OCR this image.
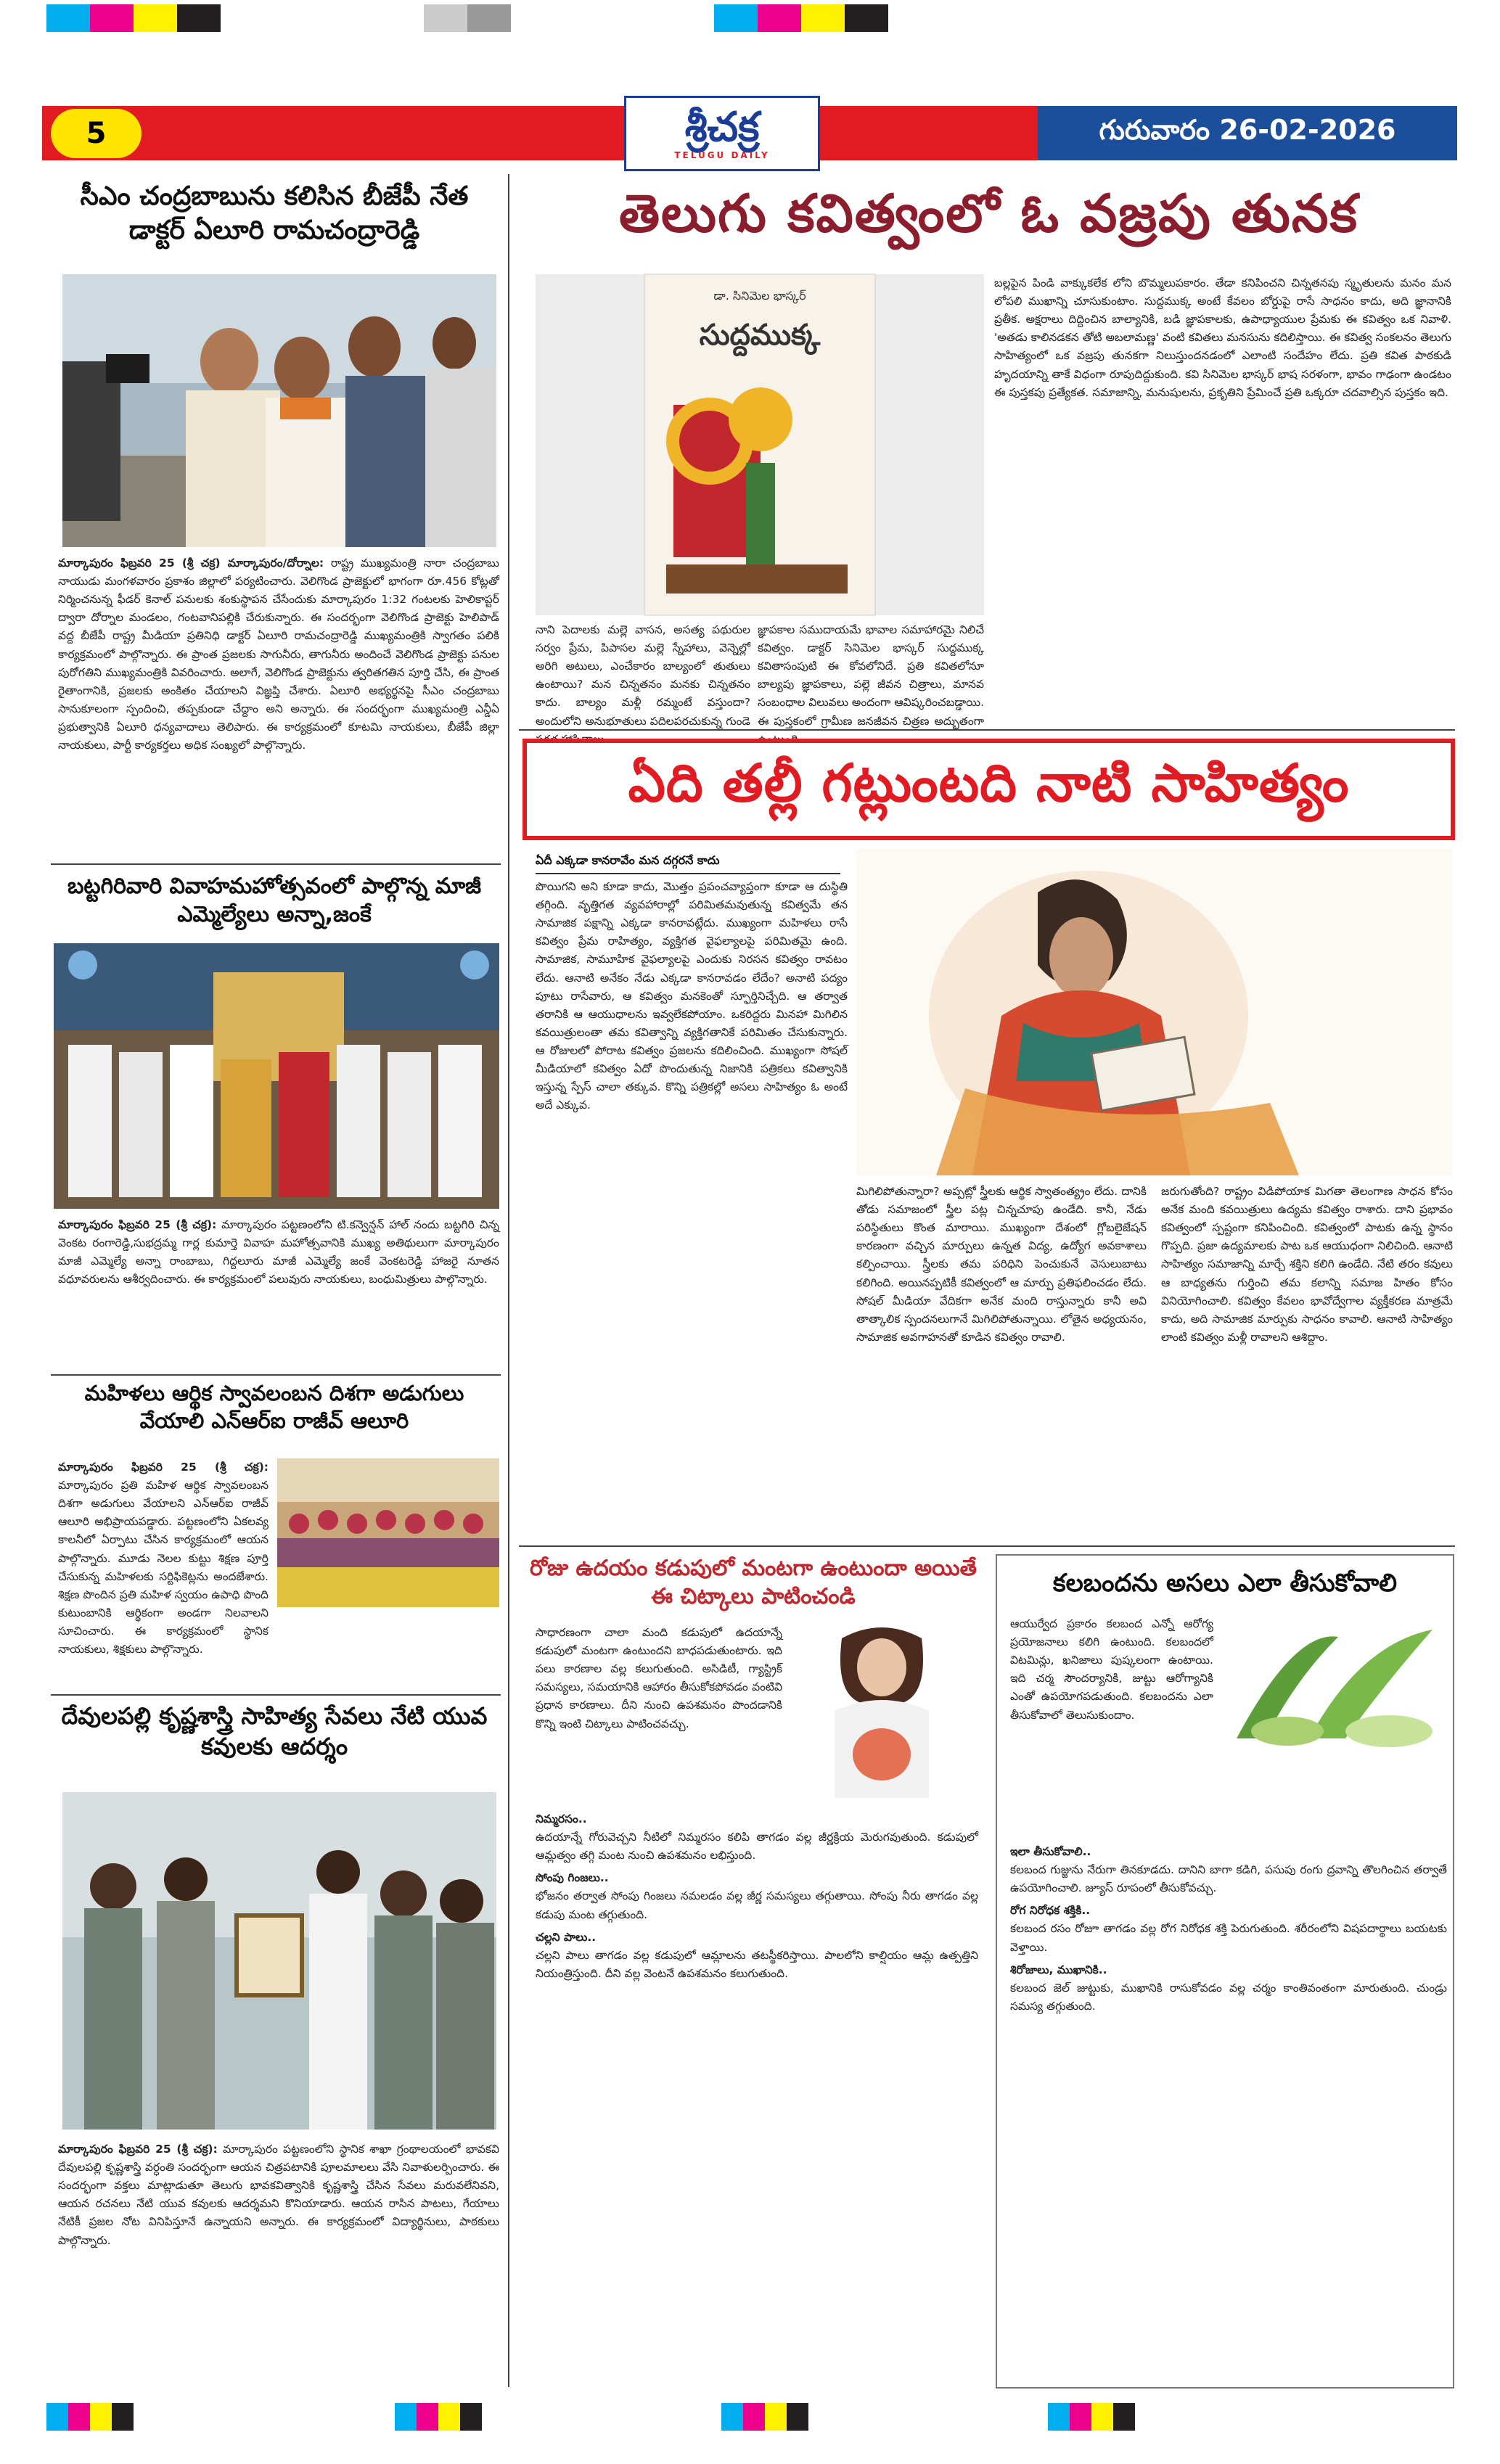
5	శ్రీచక్ర
TELUGU DAILY
గురువారం 26-02-2026
సీఎం చంద్రబాబును కలిసిన బీజేపీ నేత డాక్టర్ ఏలూరి రామచంద్రారెడ్డి

మార్కాపురం ఫిబ్రవరి 25 (శ్రీ చక్ర) మార్కాపురం/దోర్నాల: రాష్ట్ర ముఖ్యమంత్రి నారా చంద్రబాబు నాయుడు మంగళవారం ప్రకాశం జిల్లాలో పర్యటించారు. వెలిగొండ ప్రాజెక్టులో భాగంగా రూ.456 కోట్లతో నిర్మించనున్న ఫీడర్ కెనాల్ పనులకు శంకుస్థాపన చేసేందుకు మార్కాపురం 1:32 గంటలకు హెలికాప్టర్ ద్వారా దోర్నాల మండలం, గంటవానిపల్లికి చేరుకున్నారు. ఈ సందర్భంగా వెలిగొండ ప్రాజెక్టు హెలిపాడ్ వద్ద బీజేపీ రాష్ట్ర మీడియా ప్రతినిధి డాక్టర్ ఏలూరి రామచంద్రారెడ్డి ముఖ్యమంత్రికి స్వాగతం పలికి కార్యక్రమంలో పాల్గొన్నారు. ఈ ప్రాంత ప్రజలకు సాగునీరు, తాగునీరు అందించే వెలిగొండ ప్రాజెక్టు పనుల పురోగతిని ముఖ్యమంత్రికి వివరించారు. అలాగే, వెలిగొండ ప్రాజెక్టును త్వరితగతిన పూర్తి చేసి, ఈ ప్రాంత రైతాంగానికి, ప్రజలకు అంకితం చేయాలని విజ్ఞప్తి చేశారు. ఏలూరి అభ్యర్థనపై సీఎం చంద్రబాబు సానుకూలంగా స్పందించి, తప్పకుండా చేద్దాం అని అన్నారు. ఈ సందర్భంగా ముఖ్యమంత్రి ఎన్డీఏ ప్రభుత్వానికి ఏలూరి ధన్యవాదాలు తెలిపారు. ఈ కార్యక్రమంలో కూటమి నాయకులు, బీజేపీ జిల్లా నాయకులు, పార్టీ కార్యకర్తలు అధిక సంఖ్యలో పాల్గొన్నారు.

బట్టగిరివారి వివాహమహోత్సవంలో పాల్గొన్న మాజీ ఎమ్మెల్యేలు అన్నా,జంకే

మార్కాపురం ఫిబ్రవరి 25 (శ్రీ చక్ర): మార్కాపురం పట్టణంలోని టి.కన్వెన్షన్ హాల్ నందు బట్టగిరి చిన్న వెంకట రంగారెడ్డి,సుభద్రమ్మ గార్ల కుమార్తె వివాహ మహోత్సవానికి ముఖ్య అతిథులుగా మార్కాపురం మాజీ ఎమ్మెల్యే అన్నా రాంబాబు, గిద్దలూరు మాజీ ఎమ్మెల్యే జంకే వెంకటరెడ్డి హాజరై నూతన వధూవరులను ఆశీర్వదించారు. ఈ కార్యక్రమంలో పలువురు నాయకులు, బంధుమిత్రులు పాల్గొన్నారు.

మహిళలు ఆర్థిక స్వావలంబన దిశగా అడుగులు వేయాలి ఎన్ఆర్ఐ రాజీవ్ ఆలూరి

మార్కాపురం ఫిబ్రవరి 25 (శ్రీ చక్ర): మార్కాపురం ప్రతి మహిళ ఆర్థిక స్వావలంబన దిశగా అడుగులు వేయాలని ఎన్ఆర్ఐ రాజీవ్ ఆలూరి అభిప్రాయపడ్డారు. పట్టణంలోని ఏకలవ్య కాలనీలో ఏర్పాటు చేసిన కార్యక్రమంలో ఆయన పాల్గొన్నారు. మూడు నెలల కుట్టు శిక్షణ పూర్తి చేసుకున్న మహిళలకు సర్టిఫికెట్లను అందజేశారు. శిక్షణ పొందిన ప్రతి మహిళ స్వయం ఉపాధి పొంది కుటుంబానికి ఆర్థికంగా అండగా నిలవాలని సూచించారు. ఈ కార్యక్రమంలో స్థానిక నాయకులు, శిక్షకులు పాల్గొన్నారు.

దేవులపల్లి కృష్ణశాస్త్రి సాహిత్య సేవలు నేటి యువ కవులకు ఆదర్శం

మార్కాపురం ఫిబ్రవరి 25 (శ్రీ చక్ర): మార్కాపురం పట్టణంలోని స్థానిక శాఖా గ్రంథాలయంలో భావకవి దేవులపల్లి కృష్ణశాస్త్రి వర్ధంతి సందర్భంగా ఆయన చిత్రపటానికి పూలమాలలు వేసి నివాళులర్పించారు. ఈ సందర్భంగా వక్తలు మాట్లాడుతూ తెలుగు భావకవిత్వానికి కృష్ణశాస్త్రి చేసిన సేవలు మరువలేనివని, ఆయన రచనలు నేటి యువ కవులకు ఆదర్శమని కొనియాడారు. ఆయన రాసిన పాటలు, గేయాలు నేటికీ ప్రజల నోట వినిపిస్తూనే ఉన్నాయని అన్నారు. ఈ కార్యక్రమంలో విద్యార్థినులు, పాఠకులు పాల్గొన్నారు.

తెలుగు కవిత్వంలో ఓ వజ్రపు తునక
డా. సినిమెల భాస్కర్
సుద్దముక్క

నాని పెదాలకు మల్లె వాసన, అసత్య పథురుల సర్వం ప్రేమ, పిపాసల మల్లె స్నేహాలు, వెన్నెల్లో అరిగి అటులు, ఎంచేకారం బాల్యంలో తుతులు ఉంటాయి? మన చిన్నతనం మనకు చిన్నతనం కాదు. బాల్యం మళ్లీ రమ్మంటే వస్తుందా? అందులోని అనుభూతులు పదిలపరచుకున్న గుండె

జ్ఞాపకాల సముదాయమే భావాల సమాహారమై నిలిచే కవిత్వం. డాక్టర్ సినిమెల భాస్కర్ సుద్దముక్క కవితాసంపుటి ఈ కోవలోనిదే. ప్రతి కవితలోనూ బాల్యపు జ్ఞాపకాలు, పల్లె జీవన చిత్రాలు, మానవ సంబంధాల విలువలు అందంగా ఆవిష్కరించబడ్డాయి. ఈ పుస్తకంలో గ్రామీణ జనజీవన చిత్రణ అద్భుతంగా

బల్లపైన పిండి వాక్కుకలేక లోని బొమ్మలుపకారం. తేడా కనిపించని చిన్నతనపు స్మృతులను మనం మన లోపలి ముఖాన్ని చూసుకుంటాం. సుద్దముక్క అంటే కేవలం బోర్డుపై రాసే సాధనం కాదు, అది జ్ఞానానికి ప్రతీక. అక్షరాలు దిద్దించిన బాల్యానికి, బడి జ్ఞాపకాలకు, ఉపాధ్యాయుల ప్రేమకు ఈ కవిత్వం ఒక నివాళి. 'అతడు కాలినడకన తోటి అబలామణ్ణ' వంటి కవితలు మనసును కదిలిస్తాయి. ఈ కవిత్వ సంకలనం తెలుగు సాహిత్యంలో ఒక వజ్రపు తునకగా నిలుస్తుందనడంలో ఎలాంటి సందేహం లేదు. ప్రతి కవిత పాఠకుడి హృదయాన్ని తాకే విధంగా రూపుదిద్దుకుంది. కవి సినిమెల భాస్కర్ భాష సరళంగా, భావం గాఢంగా ఉండటం ఈ పుస్తకపు ప్రత్యేకత. సమాజాన్ని, మనుషులను, ప్రకృతిని ప్రేమించే ప్రతి ఒక్కరూ చదవాల్సిన పుస్తకం ఇది.

ఏది తల్లీ గట్లుంటది నాటి సాహిత్యం
ఏదీ ఎక్కడా కానరావేం మన దగ్గరనే కాదు

పొయిగని అని కూడా కాదు, మొత్తం ప్రపంచవ్యాప్తంగా కూడా ఆ దుస్థితి తగ్గింది. వృత్తిగత వ్యవహారాల్లో పరిమితమవుతున్న కవిత్వమే తన సామాజిక పక్షాన్ని ఎక్కడా కానరావట్లేదు. ముఖ్యంగా మహిళలు రాసే కవిత్వం ప్రేమ రాహిత్యం, వ్యక్తిగత వైఫల్యాలపై పరిమితమై ఉంది. సామాజిక, సామూహిక వైఫల్యాలపై ఎందుకు నిరసన కవిత్వం రావటం లేదు. ఆనాటి అనేకం నేడు ఎక్కడా కానరావడం లేదేం? అనాటి పద్యం పూటు రాసేవారు, ఆ కవిత్వం మనకెంతో స్ఫూర్తినిచ్చేది. ఆ తర్వాత తరానికి ఆ ఆయుధాలను ఇవ్వలేకపోయాం. ఒకరిద్దరు మినహా మిగిలిన కవయిత్రులంతా తమ కవిత్వాన్ని వ్యక్తిగతానికే పరిమితం చేసుకున్నారు. ఆ రోజులలో పోరాట కవిత్వం ప్రజలను కదిలించింది. ముఖ్యంగా సోషల్ మీడియాలో కవిత్వం ఏదో పొందుతున్న నిజానికి పత్రికలు కవిత్వానికి ఇస్తున్న స్పేస్ చాలా తక్కువ. కొన్ని పత్రికల్లో అసలు సాహిత్యం ఓ అంటే అదే ఎక్కువ.

మిగిలిపోతున్నారా? అప్పట్లో స్త్రీలకు ఆర్థిక స్వాతంత్య్రం లేదు. దానికి తోడు సమాజంలో స్త్రీల పట్ల చిన్నచూపు ఉండేది. కానీ, నేడు పరిస్థితులు కొంత మారాయి. ముఖ్యంగా దేశంలో గ్లోబలైజేషన్ కారణంగా వచ్చిన మార్పులు ఉన్నత విద్య, ఉద్యోగ అవకాశాలు కల్పించాయి. స్త్రీలకు తమ పరిధిని పెంచుకునే వెసులుబాటు కలిగింది. అయినప్పటికీ కవిత్వంలో ఆ మార్పు ప్రతిఫలించడం లేదు. సోషల్ మీడియా వేదికగా అనేక మంది రాస్తున్నారు కానీ అవి తాత్కాలిక స్పందనలుగానే మిగిలిపోతున్నాయి. లోతైన అధ్యయనం, సామాజిక అవగాహనతో కూడిన కవిత్వం రావాలి.

జరుగుతోంది? రాష్ట్రం విడిపోయాక మిగతా తెలంగాణ సాధన కోసం అనేక మంది కవయిత్రులు ఉద్యమ కవిత్వం రాశారు. దాని ప్రభావం కవిత్వంలో స్పష్టంగా కనిపించింది. కవిత్వంలో పాటకు ఉన్న స్థానం గొప్పది. ప్రజా ఉద్యమాలకు పాట ఒక ఆయుధంగా నిలిచింది. ఆనాటి సాహిత్యం సమాజాన్ని మార్చే శక్తిని కలిగి ఉండేది. నేటి తరం కవులు ఆ బాధ్యతను గుర్తించి తమ కలాన్ని సమాజ హితం కోసం వినియోగించాలి. కవిత్వం కేవలం భావోద్వేగాల వ్యక్తీకరణ మాత్రమే కాదు, అది సామాజిక మార్పుకు సాధనం కావాలి. ఆనాటి సాహిత్యం లాంటి కవిత్వం మళ్లీ రావాలని ఆశిద్దాం.

రోజు ఉదయం కడుపులో మంటగా ఉంటుందా అయితే ఈ చిట్కాలు పాటించండి

సాధారణంగా చాలా మంది కడుపులో ఉదయాన్నే కడుపులో మంటగా ఉంటుందని బాధపడుతుంటారు. ఇది పలు కారణాల వల్ల కలుగుతుంది. అసిడిటీ, గ్యాస్ట్రిక్ సమస్యలు, సమయానికి ఆహారం తీసుకోకపోవడం వంటివి ప్రధాన కారణాలు. దీని నుంచి ఉపశమనం పొందడానికి కొన్ని ఇంటి చిట్కాలు పాటించవచ్చు.

నిమ్మరసం..
ఉదయాన్నే గోరువెచ్చని నీటిలో నిమ్మరసం కలిపి తాగడం వల్ల జీర్ణక్రియ మెరుగవుతుంది. కడుపులో ఆమ్లత్వం తగ్గి మంట నుంచి ఉపశమనం లభిస్తుంది.

సోంపు గింజలు..
భోజనం తర్వాత సోంపు గింజలు నమలడం వల్ల జీర్ణ సమస్యలు తగ్గుతాయి. సోంపు నీరు తాగడం వల్ల కడుపు మంట తగ్గుతుంది.

చల్లని పాలు..
చల్లని పాలు తాగడం వల్ల కడుపులో ఆమ్లాలను తటస్థీకరిస్తాయి. పాలలోని కాల్షియం ఆమ్ల ఉత్పత్తిని నియంత్రిస్తుంది. దీని వల్ల వెంటనే ఉపశమనం కలుగుతుంది.

కలబందను అసలు ఎలా తీసుకోవాలి

ఆయుర్వేద ప్రకారం కలబంద ఎన్నో ఆరోగ్య ప్రయోజనాలు కలిగి ఉంటుంది. కలబందలో విటమిన్లు, ఖనిజాలు పుష్కలంగా ఉంటాయి. ఇది చర్మ సౌందర్యానికి, జుట్టు ఆరోగ్యానికి ఎంతో ఉపయోగపడుతుంది. కలబందను ఎలా తీసుకోవాలో తెలుసుకుందాం.

ఇలా తీసుకోవాలి..
కలబంద గుజ్జును నేరుగా తినకూడదు. దానిని బాగా కడిగి, పసుపు రంగు ద్రవాన్ని తొలగించిన తర్వాతే ఉపయోగించాలి. జ్యూస్ రూపంలో తీసుకోవచ్చు.

రోగ నిరోధక శక్తికి..
కలబంద రసం రోజూ తాగడం వల్ల రోగ నిరోధక శక్తి పెరుగుతుంది. శరీరంలోని విషపదార్థాలు బయటకు వెళ్తాయి.

శిరోజాలు, ముఖానికి..
కలబంద జెల్ జుట్టుకు, ముఖానికి రాసుకోవడం వల్ల చర్మం కాంతివంతంగా మారుతుంది. చుండ్రు సమస్య తగ్గుతుంది.
